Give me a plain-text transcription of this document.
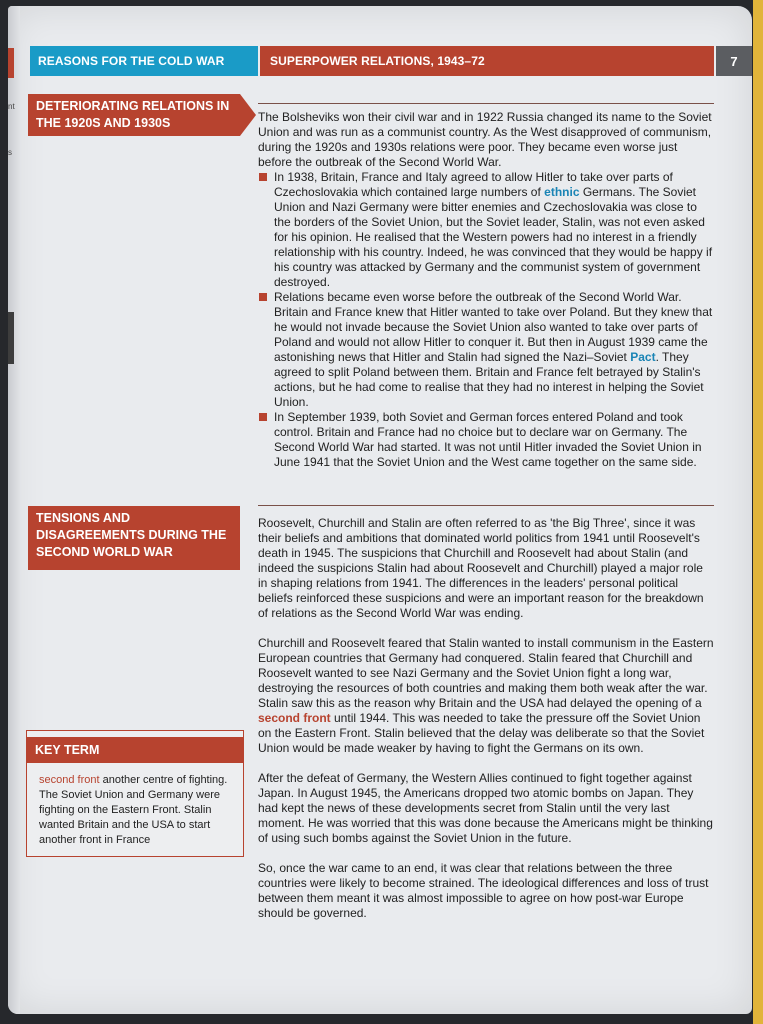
nt
s
REASONS FOR THE COLD WAR	SUPERPOWER RELATIONS, 1943–72	7
DETERIORATING RELATIONS IN THE 1920S AND 1930S	The Bolsheviks won their civil war and in 1922 Russia changed its name to the Soviet Union and was run as a communist country. As the West disapproved of communism, during the 1920s and 1930s relations were poor. They became even worse just before the outbreak of the Second World War.

In 1938, Britain, France and Italy agreed to allow Hitler to take over parts of Czechoslovakia which contained large numbers of ethnic Germans. The Soviet Union and Nazi Germany were bitter enemies and Czechoslovakia was close to the borders of the Soviet Union, but the Soviet leader, Stalin, was not even asked for his opinion. He realised that the Western powers had no interest in a friendly relationship with his country. Indeed, he was convinced that they would be happy if his country was attacked by Germany and the communist system of government destroyed.
Relations became even worse before the outbreak of the Second World War. Britain and France knew that Hitler wanted to take over Poland. But they knew that he would not invade because the Soviet Union also wanted to take over parts of Poland and would not allow Hitler to conquer it. But then in August 1939 came the astonishing news that Hitler and Stalin had signed the Nazi–Soviet Pact. They agreed to split Poland between them. Britain and France felt betrayed by Stalin's actions, but he had come to realise that they had no interest in helping the Soviet Union.
In September 1939, both Soviet and German forces entered Poland and took control. Britain and France had no choice but to declare war on Germany. The Second World War had started. It was not until Hitler invaded the Soviet Union in June 1941 that the Soviet Union and the West came together on the same side.
TENSIONS AND DISAGREEMENTS DURING THE SECOND WORLD WAR

Roosevelt, Churchill and Stalin are often referred to as 'the Big Three', since it was their beliefs and ambitions that dominated world politics from 1941 until Roosevelt's death in 1945. The suspicions that Churchill and Roosevelt had about Stalin (and indeed the suspicions Stalin had about Roosevelt and Churchill) played a major role in shaping relations from 1941. The differences in the leaders' personal political beliefs reinforced these suspicions and were an important reason for the breakdown of relations as the Second World War was ending.

Churchill and Roosevelt feared that Stalin wanted to install communism in the Eastern European countries that Germany had conquered. Stalin feared that Churchill and Roosevelt wanted to see Nazi Germany and the Soviet Union fight a long war, destroying the resources of both countries and making them both weak after the war. Stalin saw this as the reason why Britain and the USA had delayed the opening of a second front until 1944. This was needed to take the pressure off the Soviet Union on the Eastern Front. Stalin believed that the delay was deliberate so that the Soviet Union would be made weaker by having to fight the Germans on its own.

After the defeat of Germany, the Western Allies continued to fight together against Japan. In August 1945, the Americans dropped two atomic bombs on Japan. They had kept the news of these developments secret from Stalin until the very last moment. He was worried that this was done because the Americans might be thinking of using such bombs against the Soviet Union in the future.

So, once the war came to an end, it was clear that relations between the three countries were likely to become strained. The ideological differences and loss of trust between them meant it was almost impossible to agree on how post-war Europe should be governed.

KEY TERM
second front another centre of fighting. The Soviet Union and Germany were fighting on the Eastern Front. Stalin wanted Britain and the USA to start another front in France
